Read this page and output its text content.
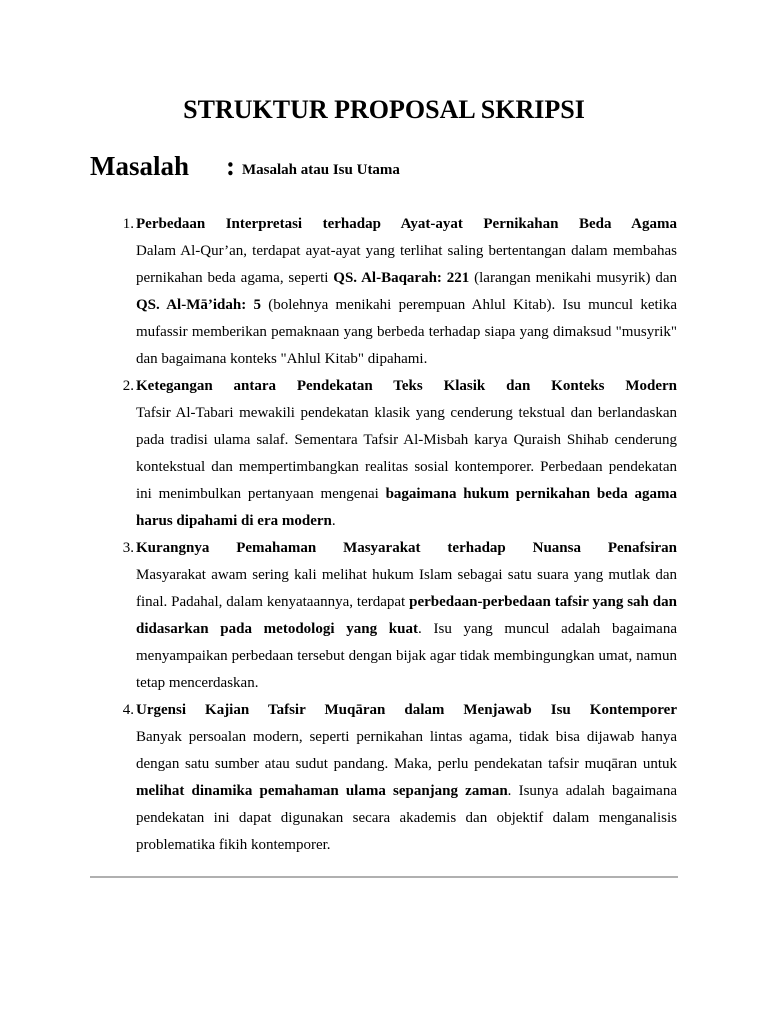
STRUKTUR PROPOSAL SKRIPSI
Masalah : Masalah atau Isu Utama
1. Perbedaan Interpretasi terhadap Ayat-ayat Pernikahan Beda Agama
Dalam Al-Qur’an, terdapat ayat-ayat yang terlihat saling bertentangan dalam membahas pernikahan beda agama, seperti QS. Al-Baqarah: 221 (larangan menikahi musyrik) dan QS. Al-Mā’idah: 5 (bolehnya menikahi perempuan Ahlul Kitab). Isu muncul ketika mufassir memberikan pemaknaan yang berbeda terhadap siapa yang dimaksud "musyrik" dan bagaimana konteks "Ahlul Kitab" dipahami.
2. Ketegangan antara Pendekatan Teks Klasik dan Konteks Modern
Tafsir Al-Tabari mewakili pendekatan klasik yang cenderung tekstual dan berlandaskan pada tradisi ulama salaf. Sementara Tafsir Al-Misbah karya Quraish Shihab cenderung kontekstual dan mempertimbangkan realitas sosial kontemporer. Perbedaan pendekatan ini menimbulkan pertanyaan mengenai bagaimana hukum pernikahan beda agama harus dipahami di era modern.
3. Kurangnya Pemahaman Masyarakat terhadap Nuansa Penafsiran
Masyarakat awam sering kali melihat hukum Islam sebagai satu suara yang mutlak dan final. Padahal, dalam kenyataannya, terdapat perbedaan-perbedaan tafsir yang sah dan didasarkan pada metodologi yang kuat. Isu yang muncul adalah bagaimana menyampaikan perbedaan tersebut dengan bijak agar tidak membingungkan umat, namun tetap mencerdaskan.
4. Urgensi Kajian Tafsir Muqāran dalam Menjawab Isu Kontemporer
Banyak persoalan modern, seperti pernikahan lintas agama, tidak bisa dijawab hanya dengan satu sumber atau sudut pandang. Maka, perlu pendekatan tafsir muqāran untuk melihat dinamika pemahaman ulama sepanjang zaman. Isunya adalah bagaimana pendekatan ini dapat digunakan secara akademis dan objektif dalam menganalisis problematika fikih kontemporer.
